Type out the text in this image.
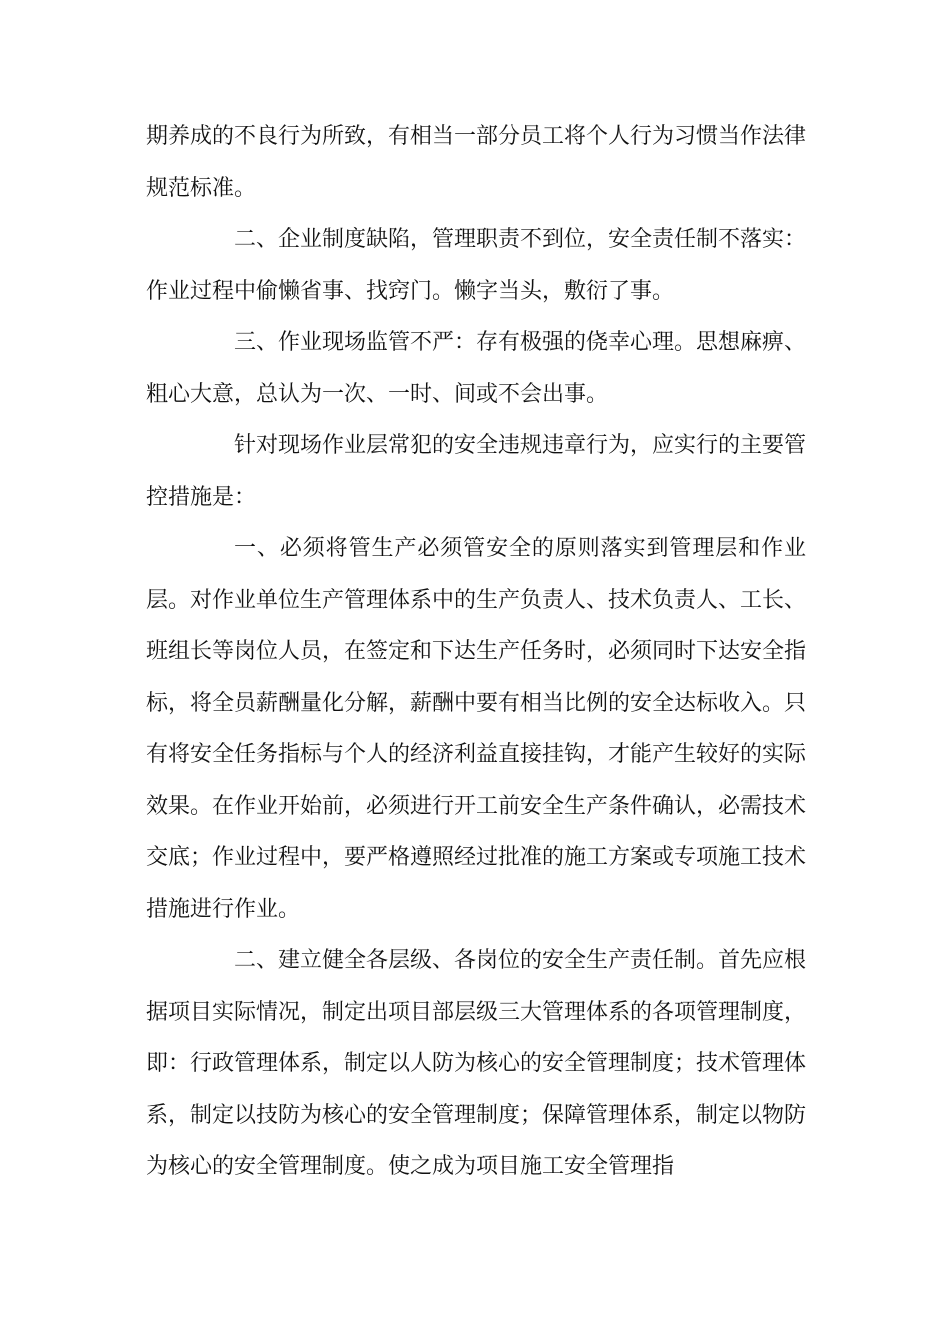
期养成的不良行为所致，有相当一部分员工将个人行为习惯当作法律规范标准。

二、企业制度缺陷，管理职责不到位，安全责任制不落实：作业过程中偷懒省事、找窍门。懒字当头，敷衍了事。

三、作业现场监管不严：存有极强的侥幸心理。思想麻痹、粗心大意，总认为一次、一时、间或不会出事。

针对现场作业层常犯的安全违规违章行为，应实行的主要管控措施是：

一、必须将管生产必须管安全的原则落实到管理层和作业层。对作业单位生产管理体系中的生产负责人、技术负责人、工长、班组长等岗位人员，在签定和下达生产任务时，必须同时下达安全指标，将全员薪酬量化分解，薪酬中要有相当比例的安全达标收入。只有将安全任务指标与个人的经济利益直接挂钩，才能产生较好的实际效果。在作业开始前，必须进行开工前安全生产条件确认，必需技术交底；作业过程中，要严格遵照经过批准的施工方案或专项施工技术措施进行作业。

二、建立健全各层级、各岗位的安全生产责任制。首先应根据项目实际情况，制定出项目部层级三大管理体系的各项管理制度，即：行政管理体系，制定以人防为核心的安全管理制度；技术管理体系，制定以技防为核心的安全管理制度；保障管理体系，制定以物防为核心的安全管理制度。使之成为项目施工安全管理指
